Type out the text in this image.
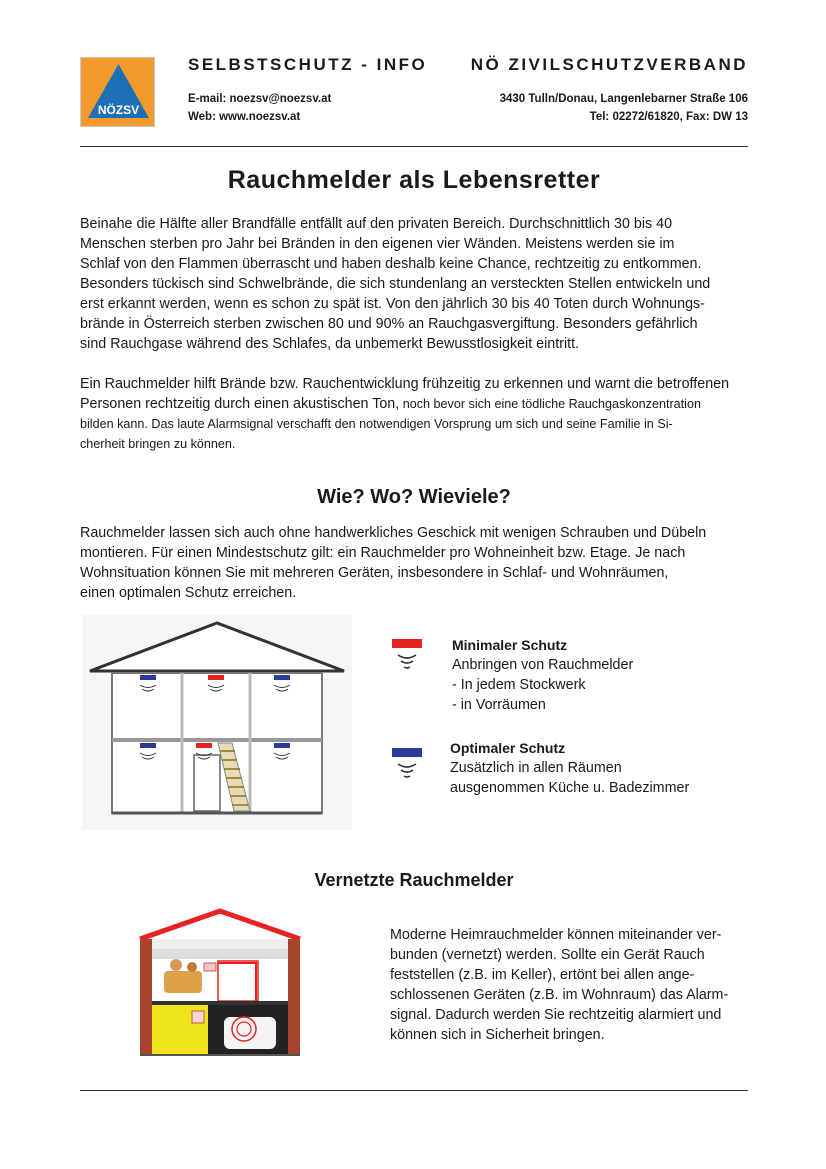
NÖZSV
SELBSTSCHUTZ - INFO	NÖ ZIVILSCHUTZVERBAND
E-mail: noezsv@noezsv.at
Web: www.noezsv.at
3430 Tulln/Donau, Langenlebarner Straße 106
Tel: 02272/61820, Fax: DW 13
Rauchmelder als Lebensretter
Beinahe die Hälfte aller Brandfälle entfällt auf den privaten Bereich. Durchschnittlich 30 bis 40
Menschen sterben pro Jahr bei Bränden in den eigenen vier Wänden. Meistens werden sie im
Schlaf von den Flammen überrascht und haben deshalb keine Chance, rechtzeitig zu entkommen.
Besonders tückisch sind Schwelbrände, die sich stundenlang an versteckten Stellen entwickeln und
erst erkannt werden, wenn es schon zu spät ist. Von den jährlich 30 bis 40 Toten durch Wohnungs-
brände in Österreich sterben zwischen 80 und 90% an Rauchgasvergiftung. Besonders gefährlich
sind Rauchgase während des Schlafes, da unbemerkt Bewusstlosigkeit eintritt.
Ein Rauchmelder hilft Brände bzw. Rauchentwicklung frühzeitig zu erkennen und warnt die betroffenen
Personen rechtzeitig durch einen akustischen Ton, noch bevor sich eine tödliche Rauchgaskonzentration
bilden kann. Das laute Alarmsignal verschafft den notwendigen Vorsprung um sich und seine Familie in Si-
cherheit bringen zu können.
Wie? Wo? Wieviele?
Rauchmelder lassen sich auch ohne handwerkliches Geschick mit wenigen Schrauben und Dübeln
montieren. Für einen Mindestschutz gilt: ein Rauchmelder pro Wohneinheit bzw. Etage. Je nach
Wohnsituation können Sie mit mehreren Geräten, insbesondere in Schlaf- und Wohnräumen,
einen optimalen Schutz erreichen.
Minimaler Schutz
Anbringen von Rauchmelder
- In jedem Stockwerk
- in Vorräumen
Optimaler Schutz
Zusätzlich in allen Räumen
ausgenommen Küche u. Badezimmer
Vernetzte Rauchmelder
Moderne Heimrauchmelder können miteinander ver-
bunden (vernetzt) werden. Sollte ein Gerät Rauch
feststellen (z.B. im Keller), ertönt bei allen ange-
schlossenen Geräten (z.B. im Wohnraum) das Alarm-
signal. Dadurch werden Sie rechtzeitig alarmiert und
können sich in Sicherheit bringen.
